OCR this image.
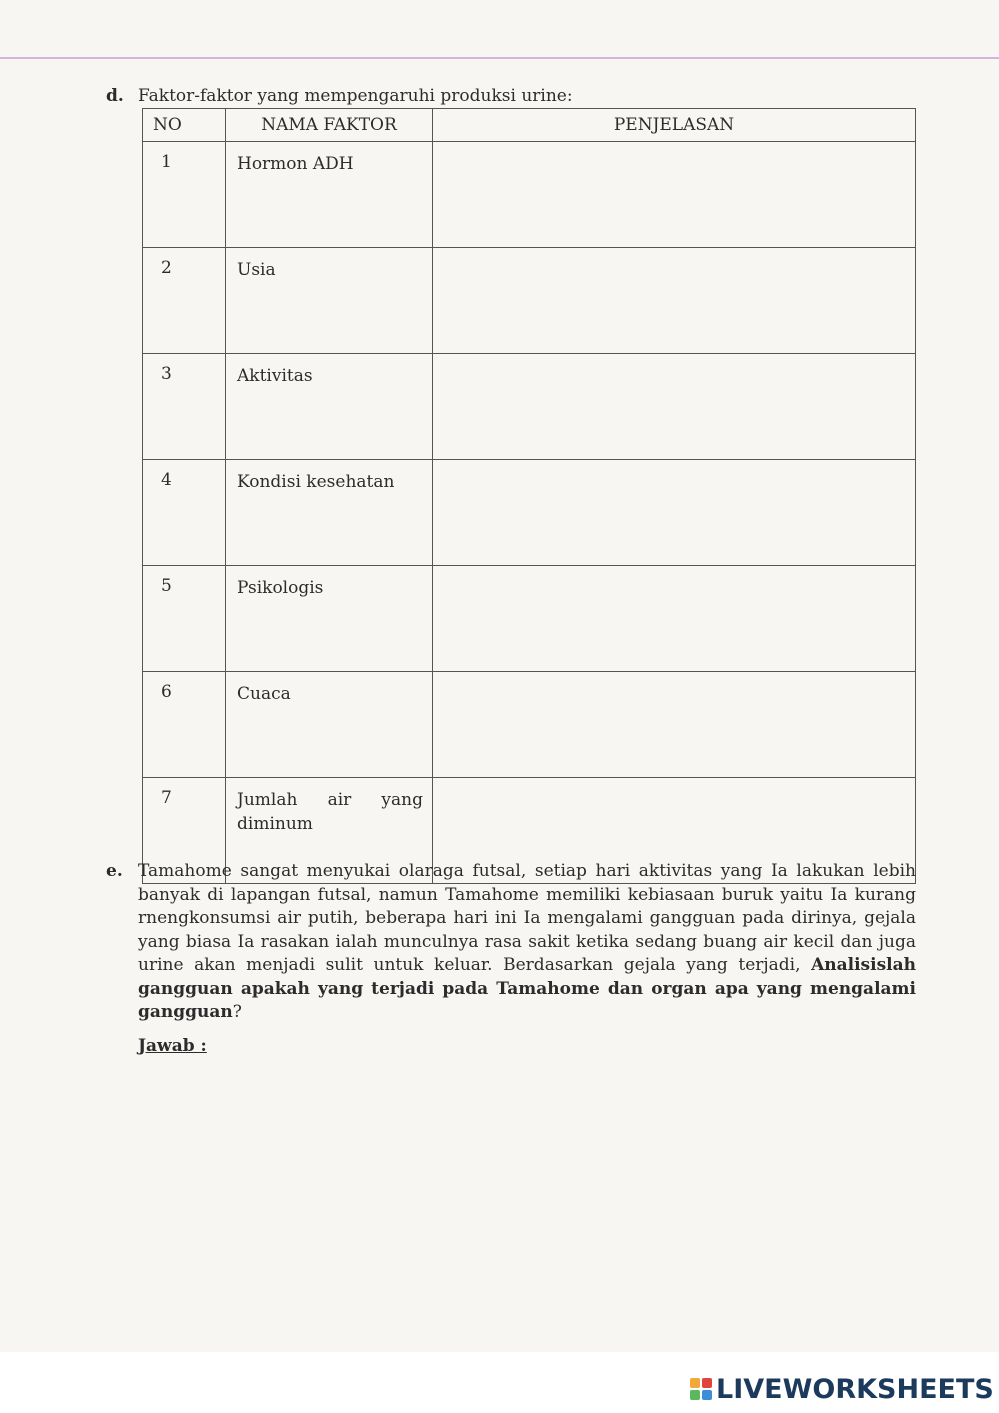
d. Faktor-faktor yang mempengaruhi produksi urine:
NO	NAMA FAKTOR	PENJELASAN
1	Hormon ADH	
2	Usia	
3	Aktivitas	
4	Kondisi kesehatan	
5	Psikologis	
6	Cuaca	
7	Jumlah air yang
diminum	

e. Tamahome sangat menyukai olaraga futsal, setiap hari aktivitas yang Ia lakukan lebih banyak di lapangan futsal, namun Tamahome memiliki kebiasaan buruk yaitu Ia kurang rnengkonsumsi air putih, beberapa hari ini Ia mengalami gangguan pada dirinya, gejala yang biasa Ia rasakan ialah munculnya rasa sakit ketika sedang buang air kecil dan juga urine akan menjadi sulit untuk keluar. Berdasarkan gejala yang terjadi, Analisislah gangguan apakah yang terjadi pada Tamahome dan organ apa yang mengalami gangguan?
Jawab :
LIVEWORKSHEETS
